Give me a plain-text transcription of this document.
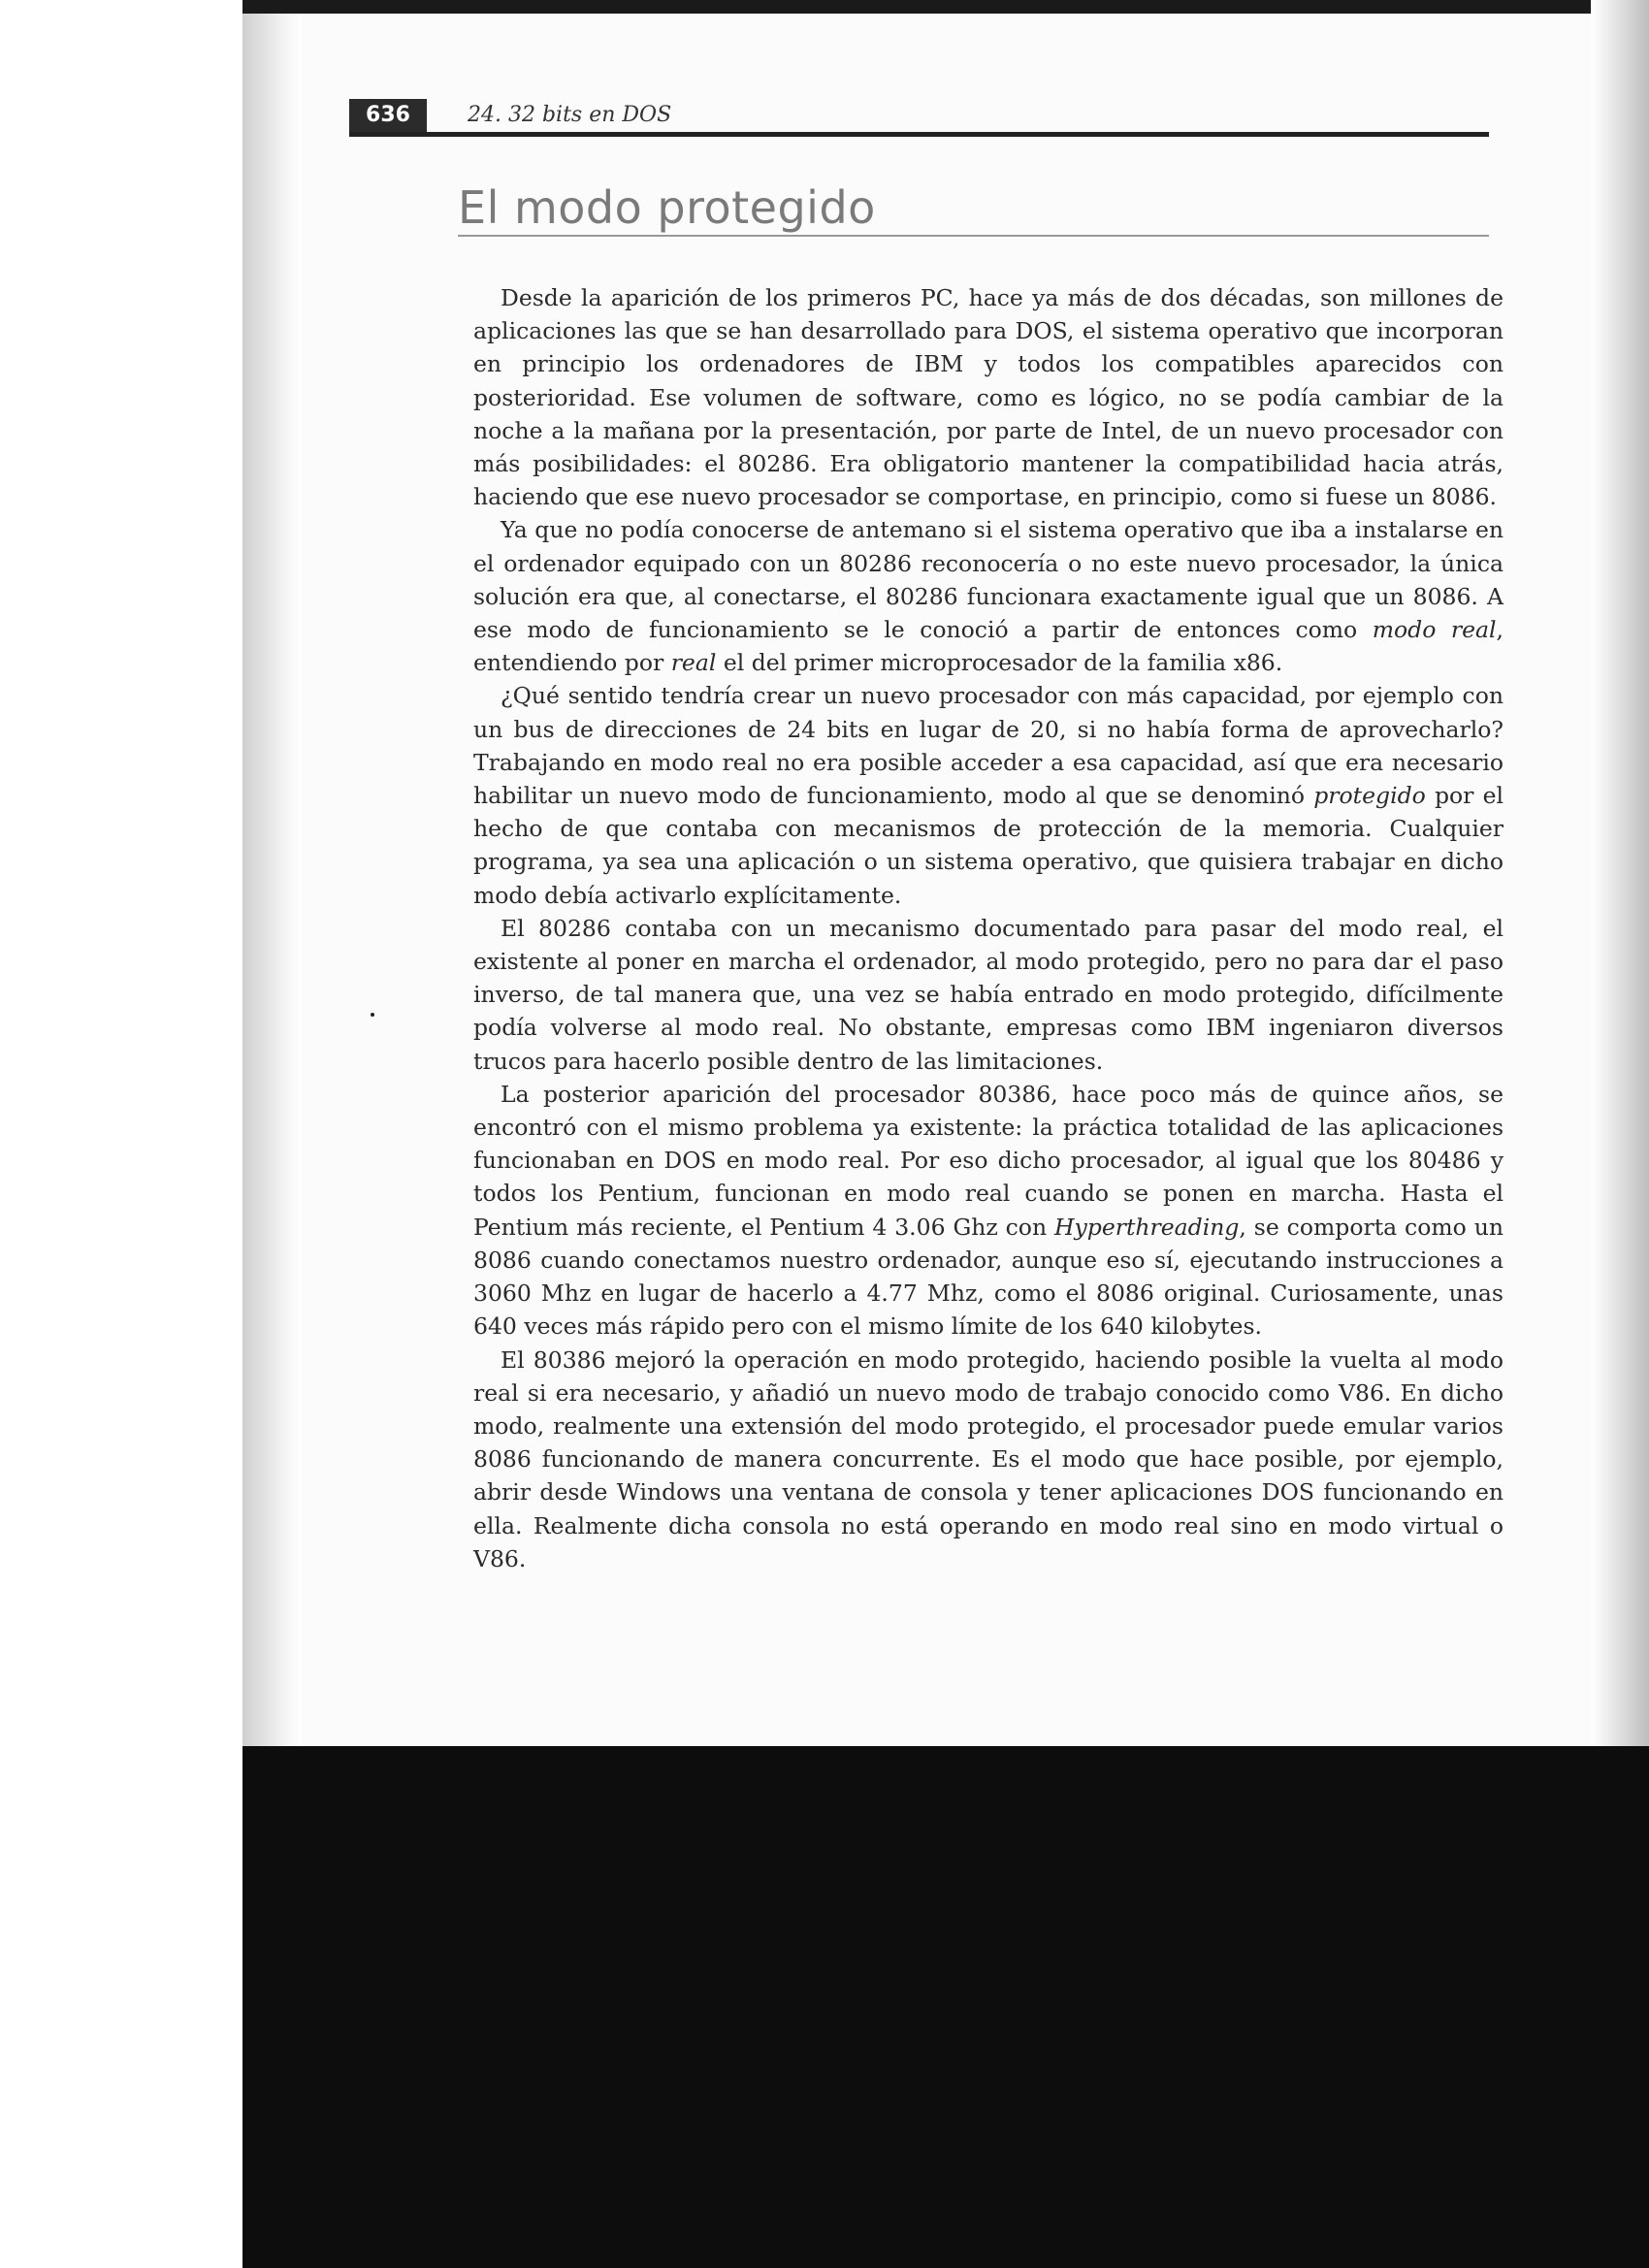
636	24. 32 bits en DOS
El modo protegido

Desde la aparición de los primeros PC, hace ya más de dos décadas, son millones de aplicaciones las que se han desarrollado para DOS, el sistema operativo que incorporan en principio los ordenadores de IBM y todos los compatibles aparecidos con posterioridad. Ese volumen de software, como es lógico, no se podía cambiar de la noche a la mañana por la presentación, por parte de Intel, de un nuevo procesador con más posibilidades: el 80286. Era obligatorio mantener la compatibilidad hacia atrás, haciendo que ese nuevo procesador se comportase, en principio, como si fuese un 8086.

Ya que no podía conocerse de antemano si el sistema operativo que iba a instalarse en el ordenador equipado con un 80286 reconocería o no este nuevo procesador, la única solución era que, al conectarse, el 80286 funcionara exactamente igual que un 8086. A ese modo de funcionamiento se le conoció a partir de entonces como modo real, entendiendo por real el del primer microprocesador de la familia x86.

¿Qué sentido tendría crear un nuevo procesador con más capacidad, por ejemplo con un bus de direcciones de 24 bits en lugar de 20, si no había forma de aprovecharlo? Trabajando en modo real no era posible acceder a esa capacidad, así que era necesario habilitar un nuevo modo de funcionamiento, modo al que se denominó protegido por el hecho de que contaba con mecanismos de protección de la memoria. Cualquier programa, ya sea una aplicación o un sistema operativo, que quisiera trabajar en dicho modo debía activarlo explícitamente.

El 80286 contaba con un mecanismo documentado para pasar del modo real, el existente al poner en marcha el ordenador, al modo protegido, pero no para dar el paso inverso, de tal manera que, una vez se había entrado en modo protegido, difícilmente podía volverse al modo real. No obstante, empresas como IBM ingeniaron diversos trucos para hacerlo posible dentro de las limitaciones.

La posterior aparición del procesador 80386, hace poco más de quince años, se encontró con el mismo problema ya existente: la práctica totalidad de las aplicaciones funcionaban en DOS en modo real. Por eso dicho procesador, al igual que los 80486 y todos los Pentium, funcionan en modo real cuando se ponen en marcha. Hasta el Pentium más reciente, el Pentium 4 3.06 Ghz con Hyperthreading, se comporta como un 8086 cuando conectamos nuestro ordenador, aunque eso sí, ejecutando instrucciones a 3060 Mhz en lugar de hacerlo a 4.77 Mhz, como el 8086 original. Curiosamente, unas 640 veces más rápido pero con el mismo límite de los 640 kilobytes.

El 80386 mejoró la operación en modo protegido, haciendo posible la vuelta al modo real si era necesario, y añadió un nuevo modo de trabajo conocido como V86. En dicho modo, realmente una extensión del modo protegido, el procesador puede emular varios 8086 funcionando de manera concurrente. Es el modo que hace posible, por ejemplo, abrir desde Windows una ventana de consola y tener aplicaciones DOS funcionando en ella. Realmente dicha consola no está operando en modo real sino en modo virtual o V86.
